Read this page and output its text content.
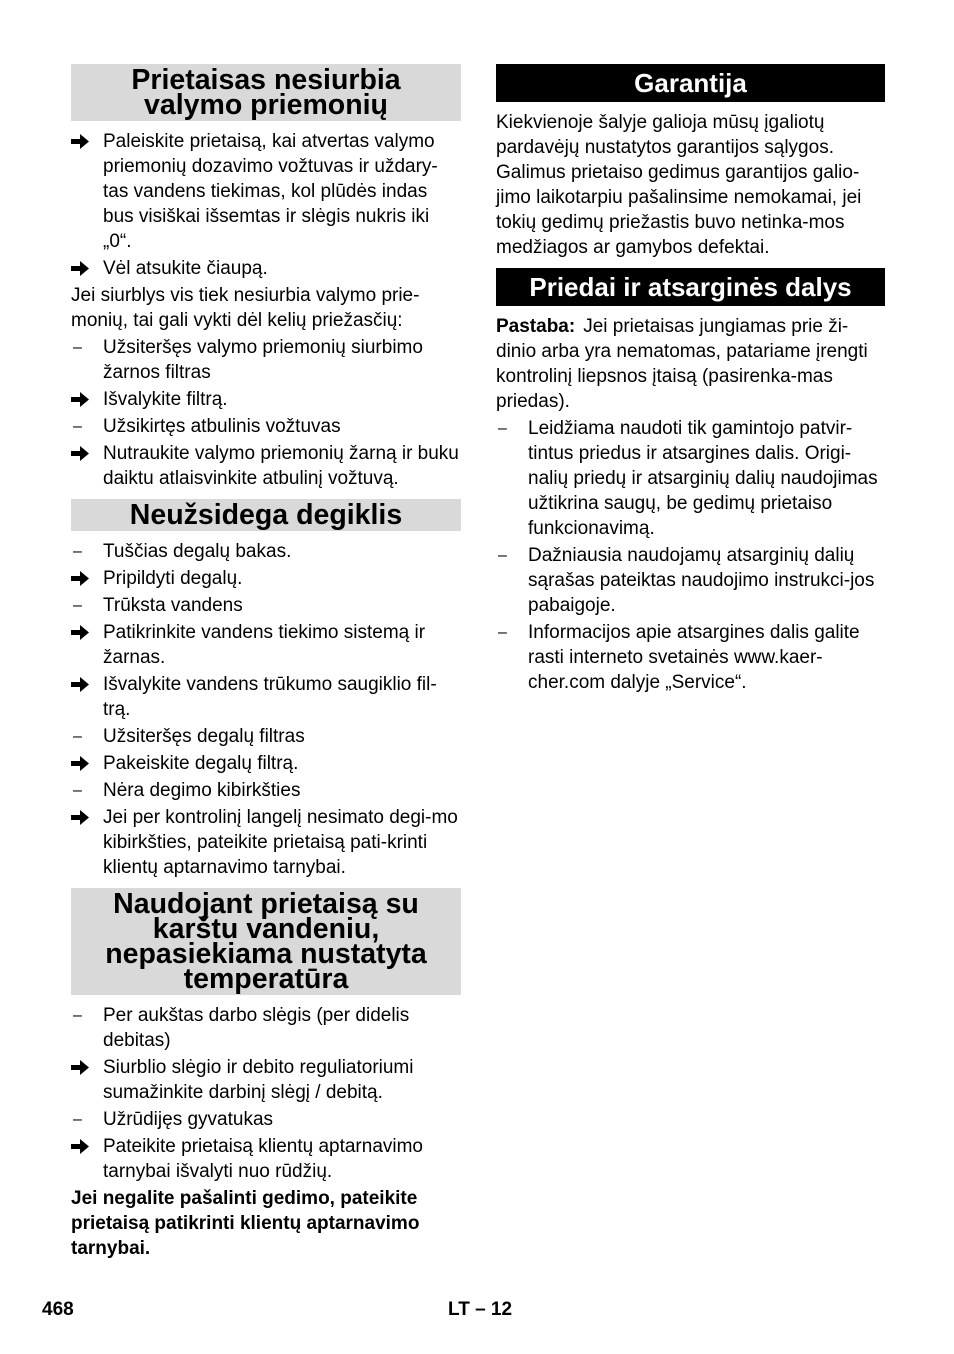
Prietaisas nesiurbia valymo priemonių
Paleiskite prietaisą, kai atvertas valymo priemonių dozavimo vožtuvas ir uždary-tas vandens tiekimas, kol plūdės indas bus visiškai išsemtas ir slėgis nukris iki „0“.
Vėl atsukite čiaupą.

Jei siurblys vis tiek nesiurbia valymo prie-monių, tai gali vykti dėl kelių priežasčių:

–	Užsiteršęs valymo priemonių siurbimo žarnos filtras
Išvalykite filtrą.
–	Užsikirtęs atbulinis vožtuvas
Nutraukite valymo priemonių žarną ir buku daiktu atlaisvinkite atbulinį vožtuvą.
Neužsidega degiklis
–	Tuščias degalų bakas.
Pripildyti degalų.
–	Trūksta vandens
Patikrinkite vandens tiekimo sistemą ir žarnas.
Išvalykite vandens trūkumo saugiklio fil-trą.
–	Užsiteršęs degalų filtras
Pakeiskite degalų filtrą.
–	Nėra degimo kibirkšties
Jei per kontrolinį langelį nesimato degi-mo kibirkšties, pateikite prietaisą pati-krinti klientų aptarnavimo tarnybai.
Naudojant prietaisą su karštu vandeniu, nepasiekiama nustatyta temperatūra
–	Per aukštas darbo slėgis (per didelis debitas)
Siurblio slėgio ir debito reguliatoriumi sumažinkite darbinį slėgį / debitą.
–	Užrūdijęs gyvatukas
Pateikite prietaisą klientų aptarnavimo tarnybai išvalyti nuo rūdžių.

Jei negalite pašalinti gedimo, pateikite prietaisą patikrinti klientų aptarnavimo tarnybai.

Garantija

Kiekvienoje šalyje galioja mūsų įgaliotų pardavėjų nustatytos garantijos sąlygos. Galimus prietaiso gedimus garantijos galio-jimo laikotarpiu pašalinsime nemokamai, jei tokių gedimų priežastis buvo netinka-mos medžiagos ar gamybos defektai.

Priedai ir atsarginės dalys

Pastaba: Jei prietaisas jungiamas prie ži-dinio arba yra nematomas, patariame įrengti kontrolinį liepsnos įtaisą (pasirenka-mas priedas).

–	Leidžiama naudoti tik gamintojo patvir-tintus priedus ir atsargines dalis. Origi-nalių priedų ir atsarginių dalių naudojimas užtikrina saugų, be gedimų prietaiso funkcionavimą.
–	Dažniausia naudojamų atsarginių dalių sąrašas pateiktas naudojimo instrukci-jos pabaigoje.
–	Informacijos apie atsargines dalis galite rasti interneto svetainės www.kaer-cher.com dalyje „Service“.
468	LT – 12
